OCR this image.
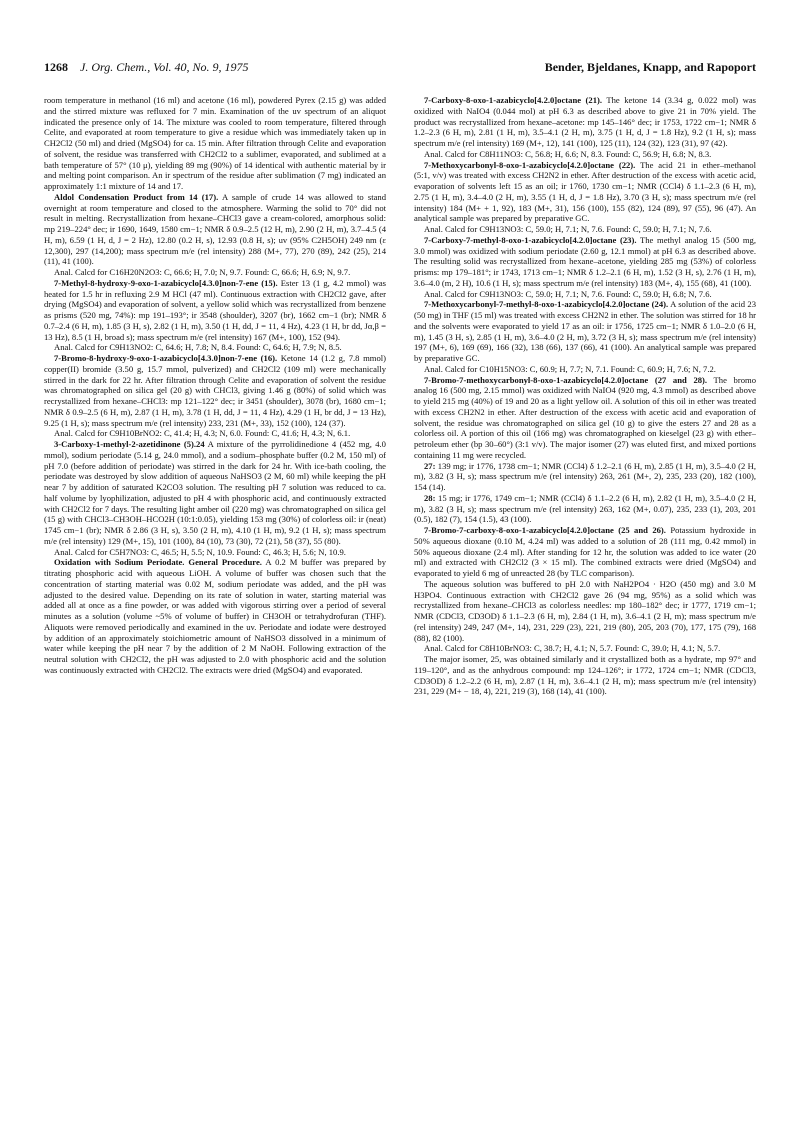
1268 J. Org. Chem., Vol. 40, No. 9, 1975	Bender, Bjeldanes, Knapp, and Rapoport

room temperature in methanol (16 ml) and acetone (16 ml), powdered Pyrex (2.15 g) was added and the stirred mixture was refluxed for 7 min. Examination of the uv spectrum of an aliquot indicated the presence only of 14. The mixture was cooled to room temperature, filtered through Celite, and evaporated at room temperature to give a residue which was immediately taken up in CH2Cl2 (50 ml) and dried (MgSO4) for ca. 15 min. After filtration through Celite and evaporation of solvent, the residue was transferred with CH2Cl2 to a sublimer, evaporated, and sublimed at a bath temperature of 57° (10 μ), yielding 89 mg (90%) of 14 identical with authentic material by ir and melting point comparison. An ir spectrum of the residue after sublimation (7 mg) indicated an approximately 1:1 mixture of 14 and 17.

Aldol Condensation Product from 14 (17). A sample of crude 14 was allowed to stand overnight at room temperature and closed to the atmosphere. Warming the solid to 70° did not result in melting. Recrystallization from hexane–CHCl3 gave a cream-colored, amorphous solid: mp 219–224° dec; ir 1690, 1649, 1580 cm−1; NMR δ 0.9–2.5 (12 H, m), 2.90 (2 H, m), 3.7–4.5 (4 H, m), 6.59 (1 H, d, J = 2 Hz), 12.80 (0.2 H, s), 12.93 (0.8 H, s); uv (95% C2H5OH) 249 nm (ε 12,300), 297 (14,200); mass spectrum m/e (rel intensity) 288 (M+, 77), 270 (89), 242 (25), 214 (11), 41 (100).

Anal. Calcd for C16H20N2O3: C, 66.6; H, 7.0; N, 9.7. Found: C, 66.6; H, 6.9; N, 9.7.

7-Methyl-8-hydroxy-9-oxo-1-azabicyclo[4.3.0]non-7-ene (15). Ester 13 (1 g, 4.2 mmol) was heated for 1.5 hr in refluxing 2.9 M HCl (47 ml). Continuous extraction with CH2Cl2 gave, after drying (MgSO4) and evaporation of solvent, a yellow solid which was recrystallized from benzene as prisms (520 mg, 74%): mp 191–193°; ir 3548 (shoulder), 3207 (br), 1662 cm−1 (br); NMR δ 0.7–2.4 (6 H, m), 1.85 (3 H, s), 2.82 (1 H, m), 3.50 (1 H, dd, J = 11, 4 Hz), 4.23 (1 H, br dd, Jα,β = 13 Hz), 8.5 (1 H, broad s); mass spectrum m/e (rel intensity) 167 (M+, 100), 152 (94).

Anal. Calcd for C9H13NO2: C, 64.6; H, 7.8; N, 8.4. Found: C, 64.6; H, 7.9; N, 8.5.

7-Bromo-8-hydroxy-9-oxo-1-azabicyclo[4.3.0]non-7-ene (16). Ketone 14 (1.2 g, 7.8 mmol) copper(II) bromide (3.50 g, 15.7 mmol, pulverized) and CH2Cl2 (109 ml) were mechanically stirred in the dark for 22 hr. After filtration through Celite and evaporation of solvent the residue was chromatographed on silica gel (20 g) with CHCl3, giving 1.46 g (80%) of solid which was recrystallized from hexane–CHCl3: mp 121–122° dec; ir 3451 (shoulder), 3078 (br), 1680 cm−1; NMR δ 0.9–2.5 (6 H, m), 2.87 (1 H, m), 3.78 (1 H, dd, J = 11, 4 Hz), 4.29 (1 H, br dd, J = 13 Hz), 9.25 (1 H, s); mass spectrum m/e (rel intensity) 233, 231 (M+, 33), 152 (100), 124 (37).

Anal. Calcd for C9H10BrNO2: C, 41.4; H, 4.3; N, 6.0. Found: C, 41.6; H, 4.3; N, 6.1.

3-Carboxy-1-methyl-2-azetidinone (5).24 A mixture of the pyrrolidinedione 4 (452 mg, 4.0 mmol), sodium periodate (5.14 g, 24.0 mmol), and a sodium–phosphate buffer (0.2 M, 150 ml) of pH 7.0 (before addition of periodate) was stirred in the dark for 24 hr. With ice-bath cooling, the periodate was destroyed by slow addition of aqueous NaHSO3 (2 M, 60 ml) while keeping the pH near 7 by addition of saturated K2CO3 solution. The resulting pH 7 solution was reduced to ca. half volume by lyophilization, adjusted to pH 4 with phosphoric acid, and continuously extracted with CH2Cl2 for 7 days. The resulting light amber oil (220 mg) was chromatographed on silica gel (15 g) with CHCl3–CH3OH–HCO2H (10:1:0.05), yielding 153 mg (30%) of colorless oil: ir (neat) 1745 cm−1 (br); NMR δ 2.86 (3 H, s), 3.50 (2 H, m), 4.10 (1 H, m), 9.2 (1 H, s); mass spectrum m/e (rel intensity) 129 (M+, 15), 101 (100), 84 (10), 73 (30), 72 (21), 58 (37), 55 (80).

Anal. Calcd for C5H7NO3: C, 46.5; H, 5.5; N, 10.9. Found: C, 46.3; H, 5.6; N, 10.9.

Oxidation with Sodium Periodate. General Procedure. A 0.2 M buffer was prepared by titrating phosphoric acid with aqueous LiOH. A volume of buffer was chosen such that the concentration of starting material was 0.02 M, sodium periodate was added, and the pH was adjusted to the desired value. Depending on its rate of solution in water, starting material was added all at once as a fine powder, or was added with vigorous stirring over a period of several minutes as a solution (volume ~5% of volume of buffer) in CH3OH or tetrahydrofuran (THF). Aliquots were removed periodically and examined in the uv. Periodate and iodate were destroyed by addition of an approximately stoichiometric amount of NaHSO3 dissolved in a minimum of water while keeping the pH near 7 by the addition of 2 M NaOH. Following extraction of the neutral solution with CH2Cl2, the pH was adjusted to 2.0 with phosphoric acid and the solution was continuously extracted with CH2Cl2. The extracts were dried (MgSO4) and evaporated.

7-Carboxy-8-oxo-1-azabicyclo[4.2.0]octane (21). The ketone 14 (3.34 g, 0.022 mol) was oxidized with NaIO4 (0.044 mol) at pH 6.3 as described above to give 21 in 70% yield. The product was recrystallized from hexane–acetone: mp 145–146° dec; ir 1753, 1722 cm−1; NMR δ 1.2–2.3 (6 H, m), 2.81 (1 H, m), 3.5–4.1 (2 H, m), 3.75 (1 H, d, J = 1.8 Hz), 9.2 (1 H, s); mass spectrum m/e (rel intensity) 169 (M+, 12), 141 (100), 125 (11), 124 (32), 123 (31), 97 (42).

Anal. Calcd for C8H11NO3: C, 56.8; H, 6.6; N, 8.3. Found: C, 56.9; H, 6.8; N, 8.3.

7-Methoxycarbonyl-8-oxo-1-azabicyclo[4.2.0]octane (22). The acid 21 in ether–methanol (5:1, v/v) was treated with excess CH2N2 in ether. After destruction of the excess with acetic acid, evaporation of solvents left 15 as an oil; ir 1760, 1730 cm−1; NMR (CCl4) δ 1.1–2.3 (6 H, m), 2.75 (1 H, m), 3.4–4.0 (2 H, m), 3.55 (1 H, d, J = 1.8 Hz), 3.70 (3 H, s); mass spectrum m/e (rel intensity) 184 (M+ + 1, 92), 183 (M+, 31), 156 (100), 155 (82), 124 (89), 97 (55), 96 (47). An analytical sample was prepared by preparative GC.

Anal. Calcd for C9H13NO3: C, 59.0; H, 7.1; N, 7.6. Found: C, 59.0; H, 7.1; N, 7.6.

7-Carboxy-7-methyl-8-oxo-1-azabicyclo[4.2.0]octane (23). The methyl analog 15 (500 mg, 3.0 mmol) was oxidized with sodium periodate (2.60 g, 12.1 mmol) at pH 6.3 as described above. The resulting solid was recrystallized from hexane–acetone, yielding 285 mg (53%) of colorless prisms: mp 179–181°; ir 1743, 1713 cm−1; NMR δ 1.2–2.1 (6 H, m), 1.52 (3 H, s), 2.76 (1 H, m), 3.6–4.0 (m, 2 H), 10.6 (1 H, s); mass spectrum m/e (rel intensity) 183 (M+, 4), 155 (68), 41 (100).

Anal. Calcd for C9H13NO3: C, 59.0; H, 7.1; N, 7.6. Found: C, 59.0; H, 6.8; N, 7.6.

7-Methoxycarbonyl-7-methyl-8-oxo-1-azabicyclo[4.2.0]octane (24). A solution of the acid 23 (50 mg) in THF (15 ml) was treated with excess CH2N2 in ether. The solution was stirred for 18 hr and the solvents were evaporated to yield 17 as an oil: ir 1756, 1725 cm−1; NMR δ 1.0–2.0 (6 H, m), 1.45 (3 H, s), 2.85 (1 H, m), 3.6–4.0 (2 H, m), 3.72 (3 H, s); mass spectrum m/e (rel intensity) 197 (M+, 6), 169 (69), 166 (32), 138 (66), 137 (66), 41 (100). An analytical sample was prepared by preparative GC.

Anal. Calcd for C10H15NO3: C, 60.9; H, 7.7; N, 7.1. Found: C, 60.9; H, 7.6; N, 7.2.

7-Bromo-7-methoxycarbonyl-8-oxo-1-azabicyclo[4.2.0]octane (27 and 28). The bromo analog 16 (500 mg, 2.15 mmol) was oxidized with NaIO4 (920 mg, 4.3 mmol) as described above to yield 215 mg (40%) of 19 and 20 as a light yellow oil. A solution of this oil in ether was treated with excess CH2N2 in ether. After destruction of the excess with acetic acid and evaporation of solvent, the residue was chromatographed on silica gel (10 g) to give the esters 27 and 28 as a colorless oil. A portion of this oil (166 mg) was chromatographed on kieselgel (23 g) with ether–petroleum ether (bp 30–60°) (3:1 v/v). The major isomer (27) was eluted first, and mixed portions containing 11 mg were recycled.

27: 139 mg; ir 1776, 1738 cm−1; NMR (CCl4) δ 1.2–2.1 (6 H, m), 2.85 (1 H, m), 3.5–4.0 (2 H, m), 3.82 (3 H, s); mass spectrum m/e (rel intensity) 263, 261 (M+, 2), 235, 233 (20), 182 (100), 154 (14).

28: 15 mg; ir 1776, 1749 cm−1; NMR (CCl4) δ 1.1–2.2 (6 H, m), 2.82 (1 H, m), 3.5–4.0 (2 H, m), 3.82 (3 H, s); mass spectrum m/e (rel intensity) 263, 162 (M+, 0.07), 235, 233 (1), 203, 201 (0.5), 182 (7), 154 (1.5), 43 (100).

7-Bromo-7-carboxy-8-oxo-1-azabicyclo[4.2.0]octane (25 and 26). Potassium hydroxide in 50% aqueous dioxane (0.10 M, 4.24 ml) was added to a solution of 28 (111 mg, 0.42 mmol) in 50% aqueous dioxane (2.4 ml). After standing for 12 hr, the solution was added to ice water (20 ml) and extracted with CH2Cl2 (3 × 15 ml). The combined extracts were dried (MgSO4) and evaporated to yield 6 mg of unreacted 28 (by TLC comparison).

The aqueous solution was buffered to pH 2.0 with NaH2PO4 · H2O (450 mg) and 3.0 M H3PO4. Continuous extraction with CH2Cl2 gave 26 (94 mg, 95%) as a solid which was recrystallized from hexane–CHCl3 as colorless needles: mp 180–182° dec; ir 1777, 1719 cm−1; NMR (CDCl3, CD3OD) δ 1.1–2.3 (6 H, m), 2.84 (1 H, m), 3.6–4.1 (2 H, m); mass spectrum m/e (rel intensity) 249, 247 (M+, 14), 231, 229 (23), 221, 219 (80), 205, 203 (70), 177, 175 (79), 168 (88), 82 (100).

Anal. Calcd for C8H10BrNO3: C, 38.7; H, 4.1; N, 5.7. Found: C, 39.0; H, 4.1; N, 5.7.

The major isomer, 25, was obtained similarly and it crystallized both as a hydrate, mp 97° and 119–120°, and as the anhydrous compound: mp 124–126°; ir 1772, 1724 cm−1; NMR (CDCl3, CD3OD) δ 1.2–2.2 (6 H, m), 2.87 (1 H, m), 3.6–4.1 (2 H, m); mass spectrum m/e (rel intensity) 231, 229 (M+ − 18, 4), 221, 219 (3), 168 (14), 41 (100).
